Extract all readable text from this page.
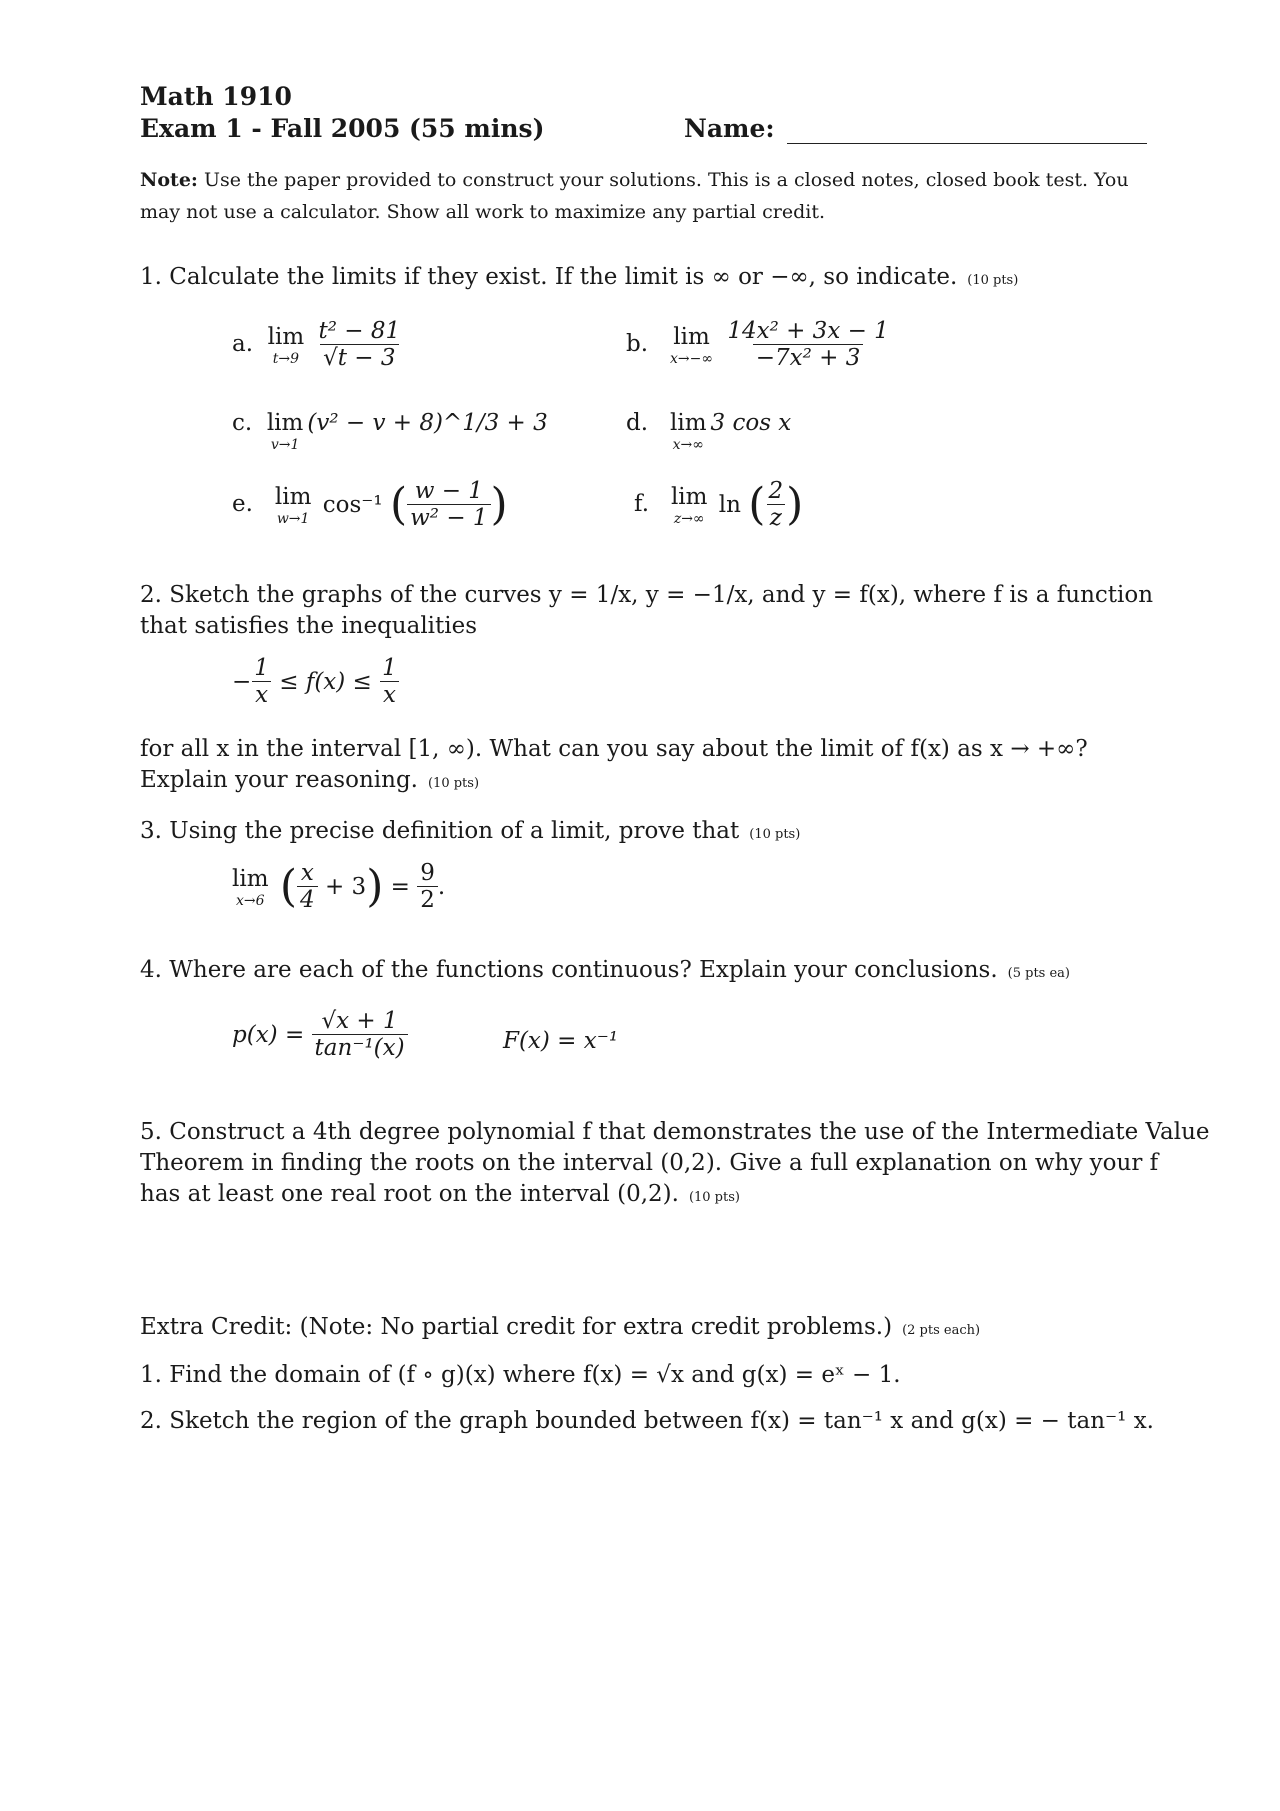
Math 1910
Exam 1 - Fall 2005 (55 mins)	Name:
Note: Use the paper provided to construct your solutions. This is a closed notes, closed book test. You
may not use a calculator. Show all work to maximize any partial credit.
1. Calculate the limits if they exist. If the limit is ∞ or −∞, so indicate. (10 pts)
a. lim
t→9
$\frac{\text{t² − 81}}{√t - 3}$	b. lim
x→−∞
$\frac{\text{14x² + 3x − 1}}{\text{−7x² + 3}}$
c. lim
v→1
(v² − v + 8)^1/3 + 3	d. lim
x→∞
3 cos x
e. lim
w→1
cos⁻¹ ( $\frac{w - 1}{\text{w² − 1}}$ )	f. lim
z→∞
ln ( $\frac{2}{z}$ )
2. Sketch the graphs of the curves y = 1/x, y = −1/x, and y = f(x), where f is a function
that satisfies the inequalities
− $\frac{1}{x} \le f(x) \le \frac{1}{x}$
for all x in the interval [1, ∞). What can you say about the limit of f(x) as x → +∞?
Explain your reasoning. (10 pts)
3. Using the precise definition of a limit, prove that (10 pts)
lim
x→6 ( $\frac{x}{4} + 3) = \frac{9}{2}$ .
4. Where are each of the functions continuous? Explain your conclusions. (5 pts ea)
$p(x) = \frac{√x + 1}{\text{tan⁻¹(x)}}$	F(x) = x⁻¹
5. Construct a 4th degree polynomial f that demonstrates the use of the Intermediate Value
Theorem in finding the roots on the interval (0,2). Give a full explanation on why your f
has at least one real root on the interval (0,2). (10 pts)
Extra Credit: (Note: No partial credit for extra credit problems.) (2 pts each)
1. Find the domain of (f ∘ g)(x) where f(x) = √x and g(x) = eˣ − 1.
2. Sketch the region of the graph bounded between f(x) = tan⁻¹ x and g(x) = − tan⁻¹ x.
